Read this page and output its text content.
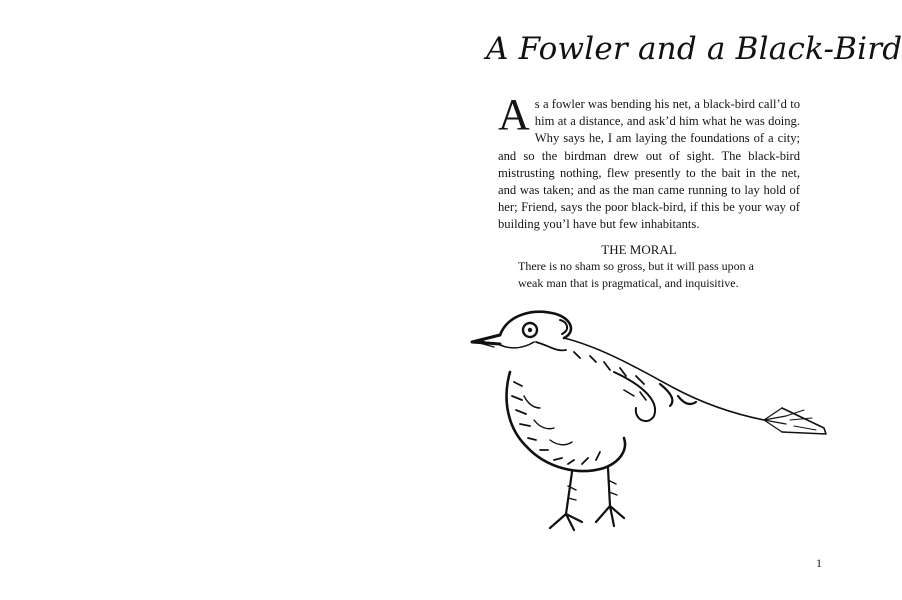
A Fowler and a Black-Bird

As a fowler was bending his net, a black-bird call’d to him at a distance, and ask’d him what he was doing. Why says he, I am laying the foundations of a city; and so the birdman drew out of sight. The black-bird mistrusting nothing, flew presently to the bait in the net, and was taken; and as the man came running to lay hold of her; Friend, says the poor black-bird, if this be your way of building you’l have but few inhabitants.

THE MORAL

There is no sham so gross, but it will pass upon a weak man that is pragmatical, and inquisitive.

1
